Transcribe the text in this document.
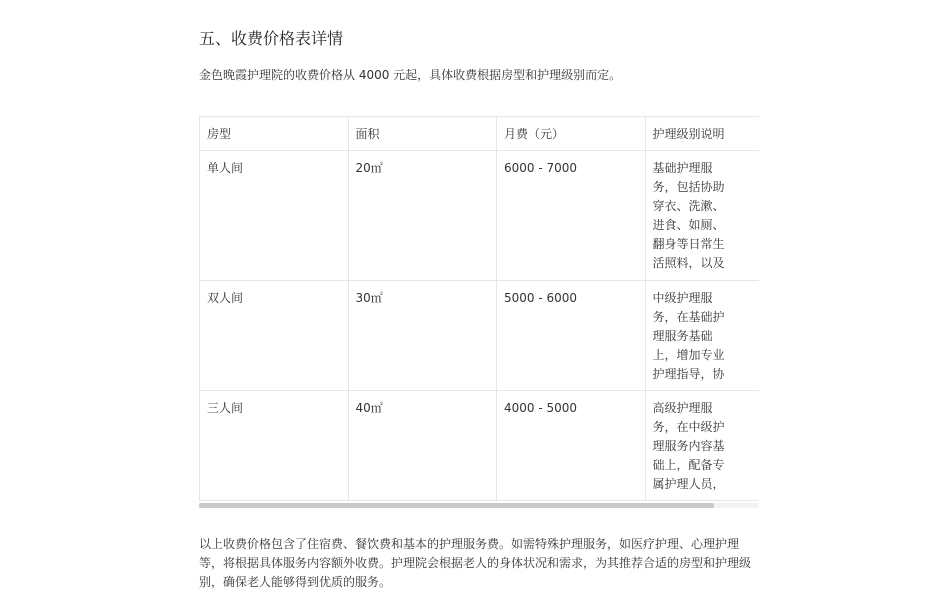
五、收费价格表详情
金色晚霞护理院的收费价格从 4000 元起，具体收费根据房型和护理级别而定。
房型	面积	月费（元）	护理级别说明

单人间	20㎡	6000 - 7000	基础护理服务，包括协助穿衣、洗漱、进食、如厕、翻身等日常生活照料，以及

双人间	30㎡	5000 - 6000	中级护理服务，在基础护理服务基础上，增加专业护理指导，协

三人间	40㎡	4000 - 5000	高级护理服务，在中级护理服务内容基础上，配备专属护理人员，
以上收费价格包含了住宿费、餐饮费和基本的护理服务费。如需特殊护理服务，如医疗护理、心理护理等，将根据具体服务内容额外收费。护理院会根据老人的身体状况和需求，为其推荐合适的房型和护理级别，确保老人能够得到优质的服务。
